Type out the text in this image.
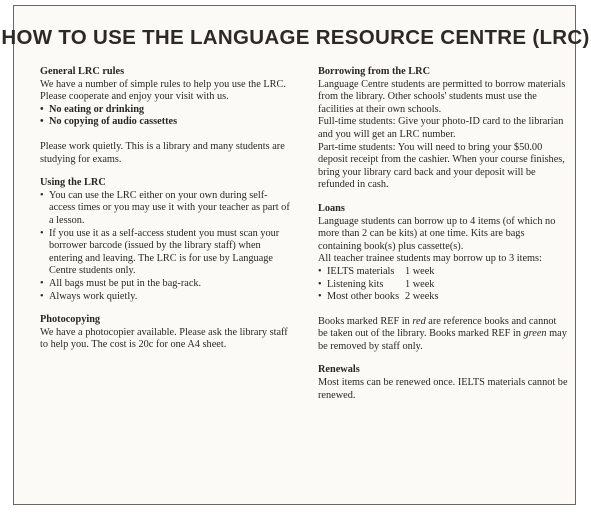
HOW TO USE THE LANGUAGE RESOURCE CENTRE (LRC)
General LRC rules
We have a number of simple rules to help you use the LRC. Please cooperate and enjoy your visit with us.
• No eating or drinking
• No copying of audio cassettes
Please work quietly. This is a library and many students are studying for exams.
Using the LRC
• You can use the LRC either on your own during self-access times or you may use it with your teacher as part of a lesson.
• If you use it as a self-access student you must scan your borrower barcode (issued by the library staff) when entering and leaving. The LRC is for use by Language Centre students only.
• All bags must be put in the bag-rack.
• Always work quietly.
Photocopying
We have a photocopier available. Please ask the library staff to help you. The cost is 20c for one A4 sheet.
Borrowing from the LRC
Language Centre students are permitted to borrow materials from the library. Other schools' students must use the facilities at their own schools.
Full-time students: Give your photo-ID card to the librarian and you will get an LRC number.
Part-time students: You will need to bring your $50.00 deposit receipt from the cashier. When your course finishes, bring your library card back and your deposit will be refunded in cash.
Loans
Language students can borrow up to 4 items (of which no more than 2 can be kits) at one time. Kits are bags containing book(s) plus cassette(s).
All teacher trainee students may borrow up to 3 items:
• IELTS materials	1 week
• Listening kits	1 week
• Most other books 2 weeks
Books marked REF in red are reference books and cannot be taken out of the library. Books marked REF in green may be removed by staff only.
Renewals
Most items can be renewed once. IELTS materials cannot be renewed.
